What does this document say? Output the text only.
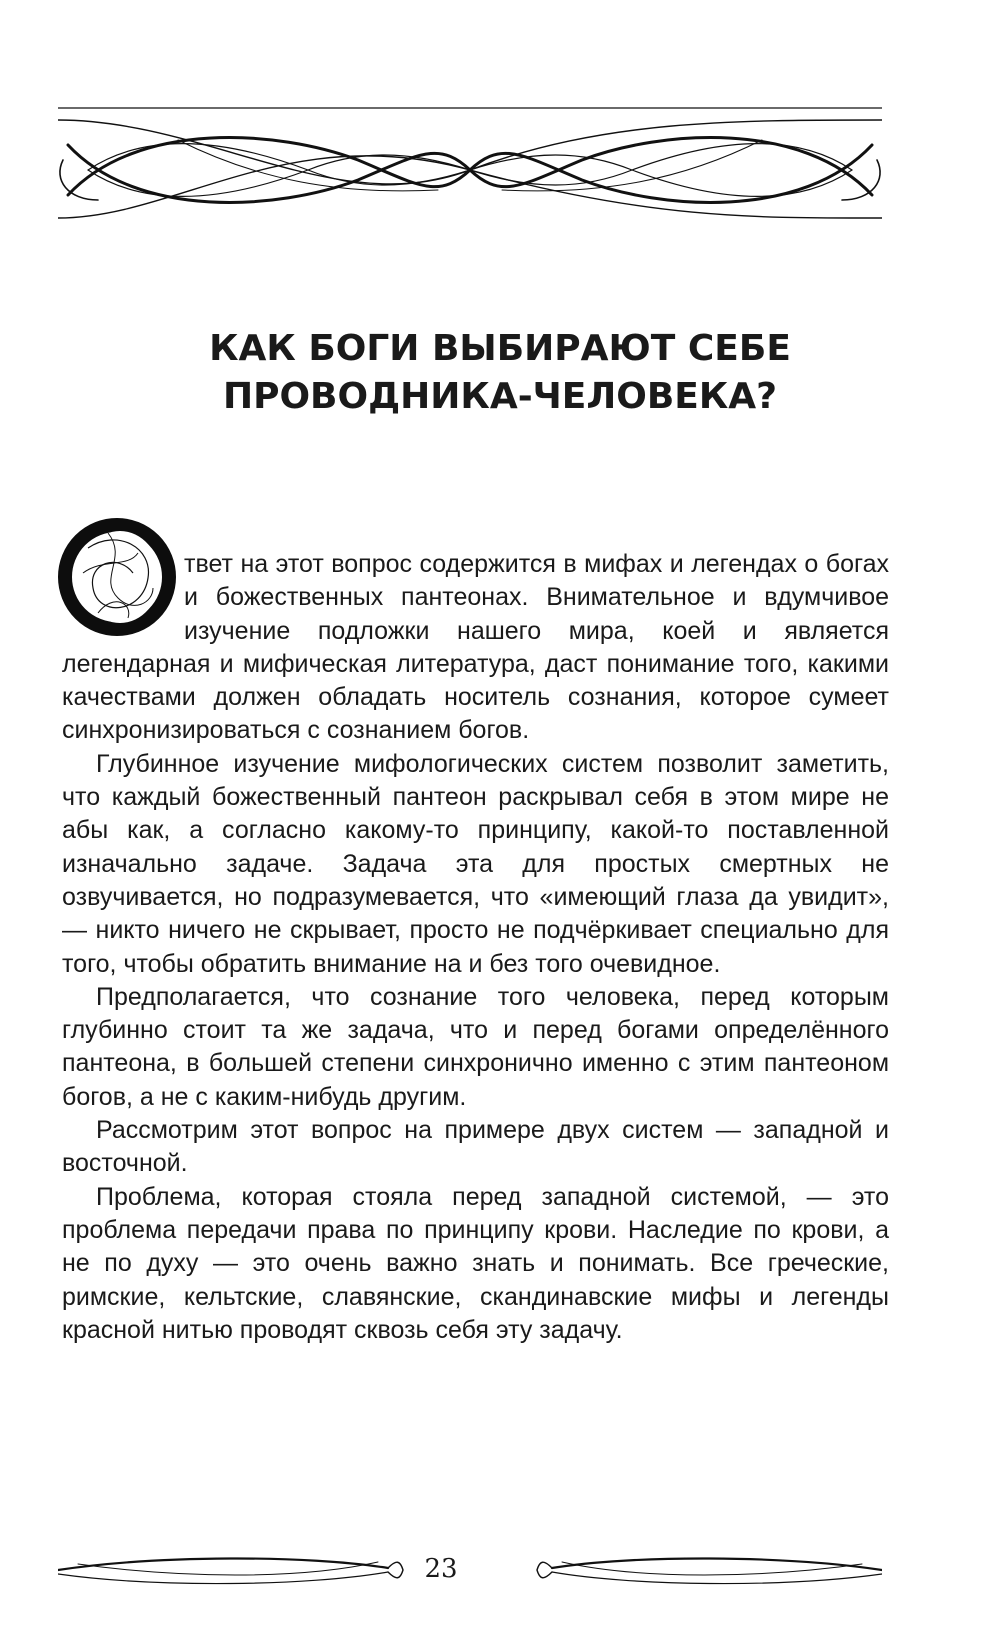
КАК БОГИ ВЫБИРАЮТ СЕБЕ
ПРОВОДНИКА-ЧЕЛОВЕКА?

твет на этот вопрос содержится в мифах и легендах о богах и божественных пантеонах. Внимательное и вдумчивое изучение подложки нашего мира, коей и является легендарная и мифическая литература, даст понимание того, какими качествами должен обладать носитель сознания, которое сумеет синхронизироваться с сознанием богов.

Глубинное изучение мифологических систем позволит заметить, что каждый божественный пантеон раскрывал себя в этом мире не абы как, а согласно какому-то принципу, какой-то поставленной изначально задаче. Задача эта для простых смертных не озвучивается, но подразумевается, что «имеющий глаза да увидит», — никто ничего не скрывает, просто не подчёркивает специально для того, чтобы обратить внимание на и без того очевидное.

Предполагается, что сознание того человека, перед которым глубинно стоит та же задача, что и перед богами определённого пантеона, в большей степени синхронично именно с этим пантеоном богов, а не с каким-нибудь другим.

Рассмотрим этот вопрос на примере двух систем — западной и восточной.

Проблема, которая стояла перед западной системой, — это проблема передачи права по принципу крови. Наследие по крови, а не по духу — это очень важно знать и понимать. Все греческие, римские, кельтские, славянские, скандинавские мифы и легенды красной нитью проводят сквозь себя эту задачу.

23
